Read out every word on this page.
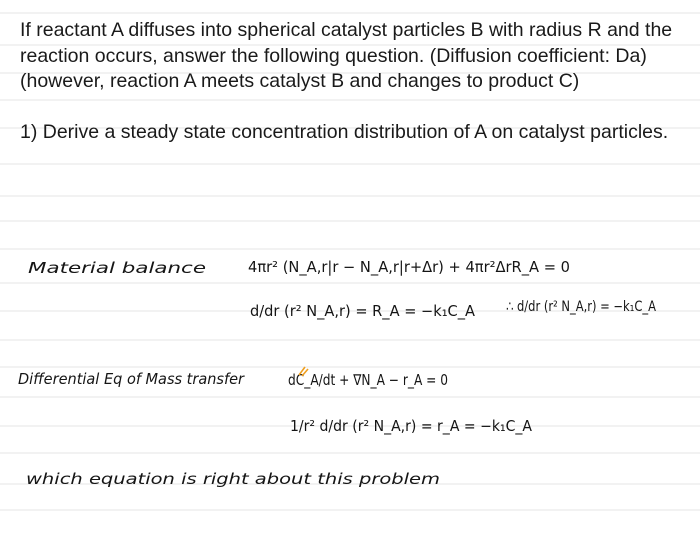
If reactant A diffuses into spherical catalyst particles B with radius R and the reaction occurs, answer the following question. (Diffusion coefficient: Da) (however, reaction A meets catalyst B and changes to product C)

1) Derive a steady state concentration distribution of A on catalyst particles.

Material balance	4πr² (N_A,r|r − N_A,r|r+Δr) + 4πr²ΔrR_A = 0
d/dr (r² N_A,r) = R_A = −k₁C_A ∴ d/dr (r² N_A,r) = −k₁C_A
Differential Eq of Mass transfer	dC_A/dt + ∇N_A − r_A = 0
1/r² d/dr (r² N_A,r) = r_A = −k₁C_A
which equation is right about this problem
